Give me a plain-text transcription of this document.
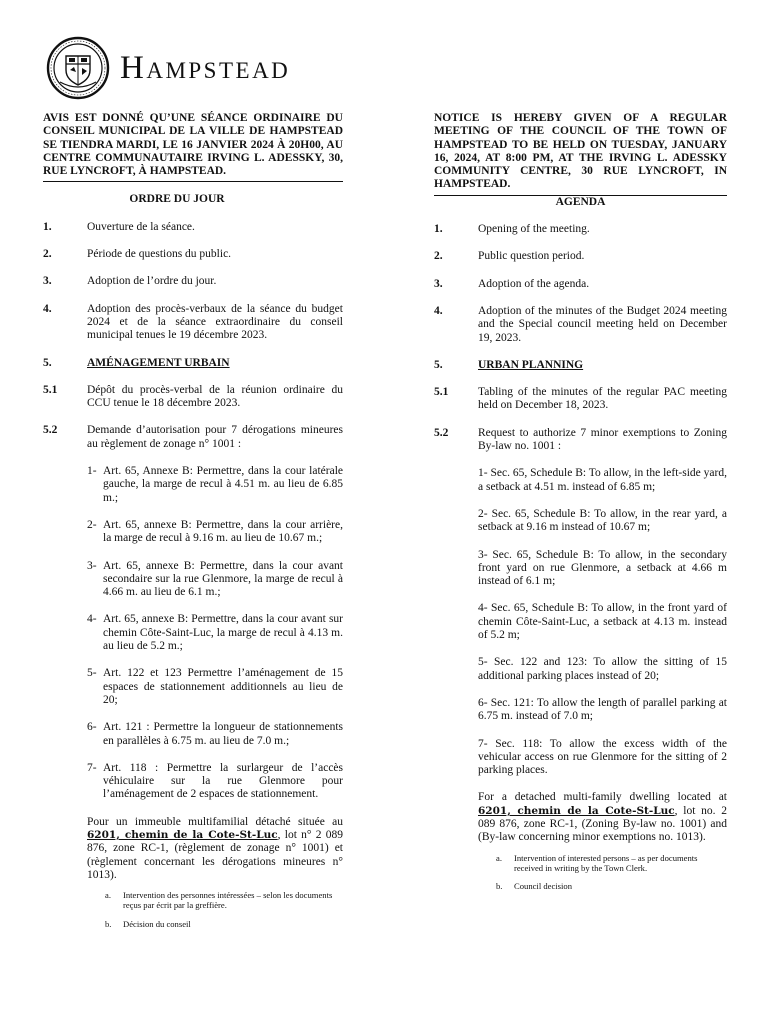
Hampstead
AVIS EST DONNÉ QU’UNE SÉANCE ORDINAIRE DU CONSEIL MUNICIPAL DE LA VILLE DE HAMPSTEAD SE TIENDRA MARDI, LE 16 JANVIER 2024 À 20H00, AU CENTRE COMMUNAUTAIRE IRVING L. ADESSKY, 30, RUE LYNCROFT, À HAMPSTEAD.
ORDRE DU JOUR
1.	Ouverture de la séance.
2.	Période de questions du public.
3.	Adoption de l’ordre du jour.
4.	Adoption des procès-verbaux de la séance du budget 2024 et de la séance extraordinaire du conseil municipal tenues le 19 décembre 2023.
5.	AMÉNAGEMENT URBAIN
5.1	Dépôt du procès-verbal de la réunion ordinaire du CCU tenue le 18 décembre 2023.
5.2	Demande d’autorisation pour 7 dérogations mineures au règlement de zonage n° 1001 :
1- Art. 65, Annexe B: Permettre, dans la cour latérale gauche, la marge de recul à 4.51 m. au lieu de 6.85 m.;
2- Art. 65, annexe B: Permettre, dans la cour arrière, la marge de recul à 9.16 m. au lieu de 10.67 m.;
3- Art. 65, annexe B: Permettre, dans la cour avant secondaire sur la rue Glenmore, la marge de recul à 4.66 m. au lieu de 6.1 m.;
4- Art. 65, annexe B: Permettre, dans la cour avant sur chemin Côte-Saint-Luc, la marge de recul à 4.13 m. au lieu de 5.2 m.;
5- Art. 122 et 123 Permettre l’aménagement de 15 espaces de stationnement additionnels au lieu de 20;
6- Art. 121 : Permettre la longueur de stationnements en parallèles à 6.75 m. au lieu de 7.0 m.;
7- Art. 118 : Permettre la surlargeur de l’accès véhiculaire sur la rue Glenmore pour l’aménagement de 2 espaces de stationnement.
Pour un immeuble multifamilial détaché située au 6201, chemin de la Cote-St-Luc, lot n° 2 089 876, zone RC-1, (règlement de zonage n° 1001) et (règlement concernant les dérogations mineures n° 1013).
a.	Intervention des personnes intéressées – selon les documents reçus par écrit par la greffière.
b.	Décision du conseil
NOTICE IS HEREBY GIVEN OF A REGULAR MEETING OF THE COUNCIL OF THE TOWN OF HAMPSTEAD TO BE HELD ON TUESDAY, JANUARY 16, 2024, AT 8:00 PM, AT THE IRVING L. ADESSKY COMMUNITY CENTRE, 30 RUE LYNCROFT, IN HAMPSTEAD.
AGENDA
1.	Opening of the meeting.
2.	Public question period.
3.	Adoption of the agenda.
4.	Adoption of the minutes of the Budget 2024 meeting and the Special council meeting held on December 19, 2023.
5.	URBAN PLANNING
5.1	Tabling of the minutes of the regular PAC meeting held on December 18, 2023.
5.2	Request to authorize 7 minor exemptions to Zoning By-law no. 1001 :
1- Sec. 65, Schedule B: To allow, in the left-side yard, a setback at 4.51 m. instead of 6.85 m;
2- Sec. 65, Schedule B: To allow, in the rear yard, a setback at 9.16 m instead of 10.67 m;
3- Sec. 65, Schedule B: To allow, in the secondary front yard on rue Glenmore, a setback at 4.66 m instead of 6.1 m;
4- Sec. 65, Schedule B: To allow, in the front yard of chemin Côte-Saint-Luc, a setback at 4.13 m. instead of 5.2 m;
5- Sec. 122 and 123: To allow the sitting of 15 additional parking places instead of 20;
6- Sec. 121: To allow the length of parallel parking at 6.75 m. instead of 7.0 m;
7- Sec. 118: To allow the excess width of the vehicular access on rue Glenmore for the sitting of 2 parking places.
For a detached multi-family dwelling located at 6201, chemin de la Cote-St-Luc, lot no. 2 089 876, zone RC-1, (Zoning By-law no. 1001) and (By-law concerning minor exemptions no. 1013).
a.	Intervention of interested persons – as per documents received in writing by the Town Clerk.
b.	Council decision
